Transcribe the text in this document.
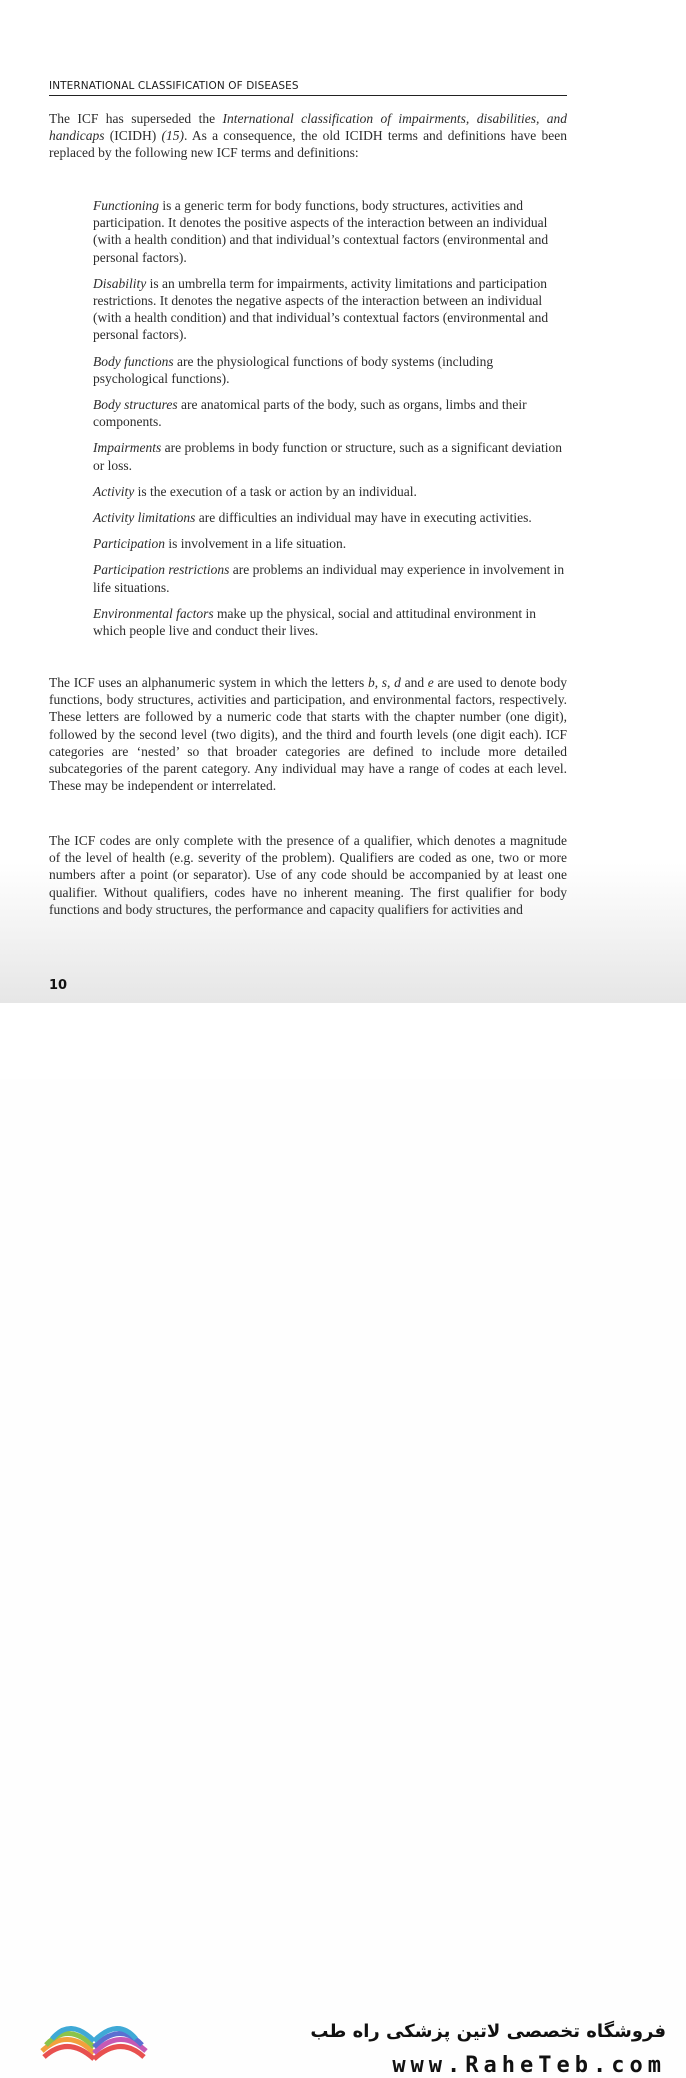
INTERNATIONAL CLASSIFICATION OF DISEASES

The ICF has superseded the International classification of impairments, disabilities, and handicaps (ICIDH) (15). As a consequence, the old ICIDH terms and definitions have been replaced by the following new ICF terms and definitions:

Functioning is a generic term for body functions, body structures, activities and participation. It denotes the positive aspects of the interaction between an individual (with a health condition) and that individual’s contextual factors (environmental and personal factors).

Disability is an umbrella term for impairments, activity limitations and participation restrictions. It denotes the negative aspects of the interaction between an individual (with a health condition) and that individual’s contextual factors (environmental and personal factors).

Body functions are the physiological functions of body systems (including psychological functions).

Body structures are anatomical parts of the body, such as organs, limbs and their components.

Impairments are problems in body function or structure, such as a significant deviation or loss.

Activity is the execution of a task or action by an individual.

Activity limitations are difficulties an individual may have in executing activities.

Participation is involvement in a life situation.

Participation restrictions are problems an individual may experience in involvement in life situations.

Environmental factors make up the physical, social and attitudinal environment in which people live and conduct their lives.

The ICF uses an alphanumeric system in which the letters b, s, d and e are used to denote body functions, body structures, activities and participation, and environmental factors, respectively. These letters are followed by a numeric code that starts with the chapter number (one digit), followed by the second level (two digits), and the third and fourth levels (one digit each). ICF categories are ‘nested’ so that broader categories are defined to include more detailed subcategories of the parent category. Any individual may have a range of codes at each level. These may be independent or interrelated.

The ICF codes are only complete with the presence of a qualifier, which denotes a magnitude of the level of health (e.g. severity of the problem). Qualifiers are coded as one, two or more numbers after a point (or separator). Use of any code should be accompanied by at least one qualifier. Without qualifiers, codes have no inherent meaning. The first qualifier for body functions and body structures, the performance and capacity qualifiers for activities and

10
فروشگاه تخصصی لاتین پزشکی راه طب
www.RaheTeb.com
